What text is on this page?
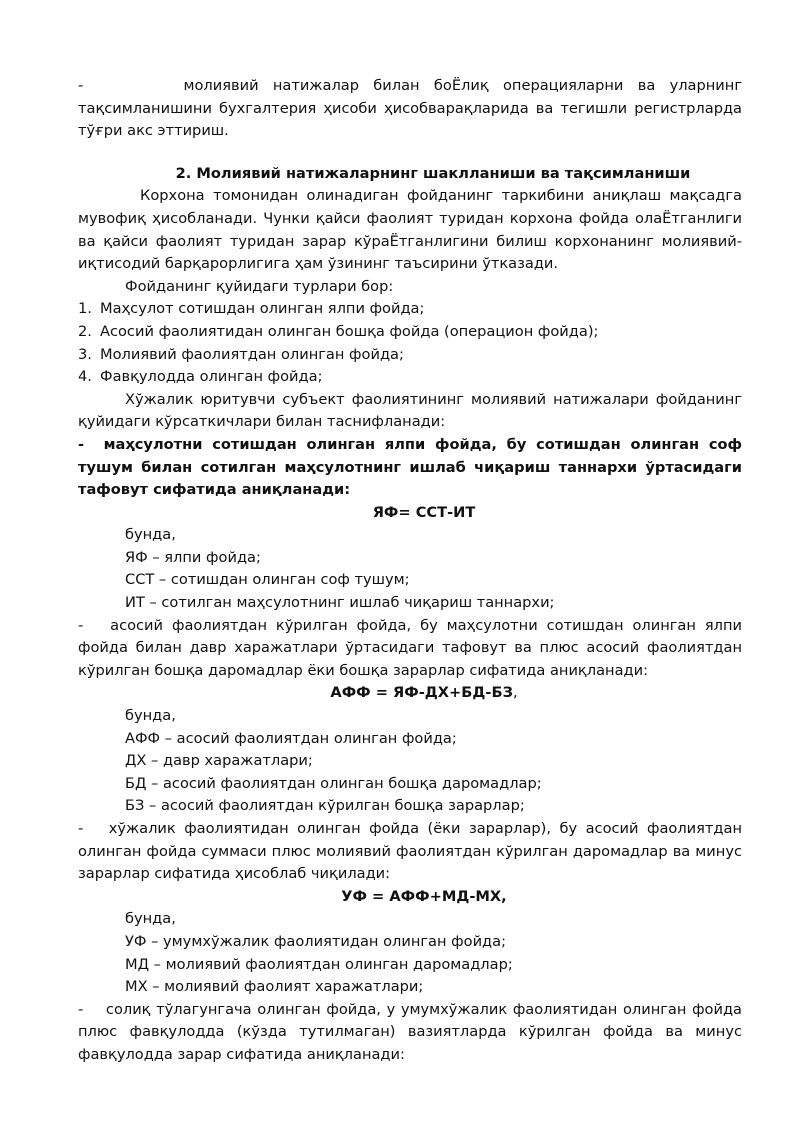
-       молиявий натижалар билан боЁлиқ операцияларни ва уларнинг тақсимланишини бухгалтерия ҳисоби ҳисобварақларида ва тегишли регистрларда тўғри акс эттириш.

2. Молиявий натижаларнинг шаклланиши ва тақсимланиши

Корхона томонидан олинадиган фойданинг таркибини аниқлаш мақсадга мувофиқ ҳисобланади. Чунки қайси фаолият туридан корхона фойда олаЁтганлиги ва қайси фаолият туридан зарар кўраЁтганлигини билиш корхонанинг молиявий-иқтисодий барқарорлигига ҳам ўзининг таъсирини ўтказади.

Фойданинг қуйидаги турлари бор:

1. Маҳсулот сотишдан олинган ялпи фойда;
2. Асосий фаолиятидан олинган бошқа фойда (операцион фойда);
3. Молиявий фаолиятдан олинган фойда;
4. Фавқулодда олинган фойда;

Хўжалик юритувчи субъект фаолиятининг молиявий натижалари фойданинг қуйидаги кўрсаткичлари билан таснифланади:

-  маҳсулотни сотишдан олинган ялпи фойда, бу сотишдан олинган соф тушум билан сотилган маҳсулотнинг ишлаб чиқариш таннархи ўртасидаги тафовут сифатида аниқланади:

ЯФ= ССТ-ИТ

бунда,

ЯФ – ялпи фойда;

ССТ – сотишдан олинган соф тушум;

ИТ – сотилган маҳсулотнинг ишлаб чиқариш таннархи;

-   асосий фаолиятдан кўрилган фойда, бу маҳсулотни сотишдан олинган ялпи фойда билан давр харажатлари ўртасидаги тафовут ва плюс асосий фаолиятдан кўрилган бошқа даромадлар ёки бошқа зарарлар сифатида аниқланади:

АФФ = ЯФ-ДХ+БД-БЗ,

бунда,

АФФ – асосий фаолиятдан олинган фойда;

ДХ – давр харажатлари;

БД – асосий фаолиятдан олинган бошқа даромадлар;

БЗ – асосий фаолиятдан кўрилган бошқа зарарлар;

-   хўжалик фаолиятидан олинган фойда (ёки зарарлар), бу асосий фаолиятдан олинган фойда суммаси плюс молиявий фаолиятдан кўрилган даромадлар ва минус зарарлар сифатида ҳисоблаб чиқилади:

УФ = АФФ+МД-МХ,

бунда,

УФ – умумхўжалик фаолиятидан олинган фойда;

МД – молиявий фаолиятдан олинган даромадлар;

МХ – молиявий фаолият харажатлари;

-    солиқ тўлагунгача олинган фойда, у умумхўжалик фаолиятидан олинган фойда плюс фавқулодда (кўзда тутилмаган) вазиятларда кўрилган фойда ва минус фавқулодда зарар сифатида аниқланади:
